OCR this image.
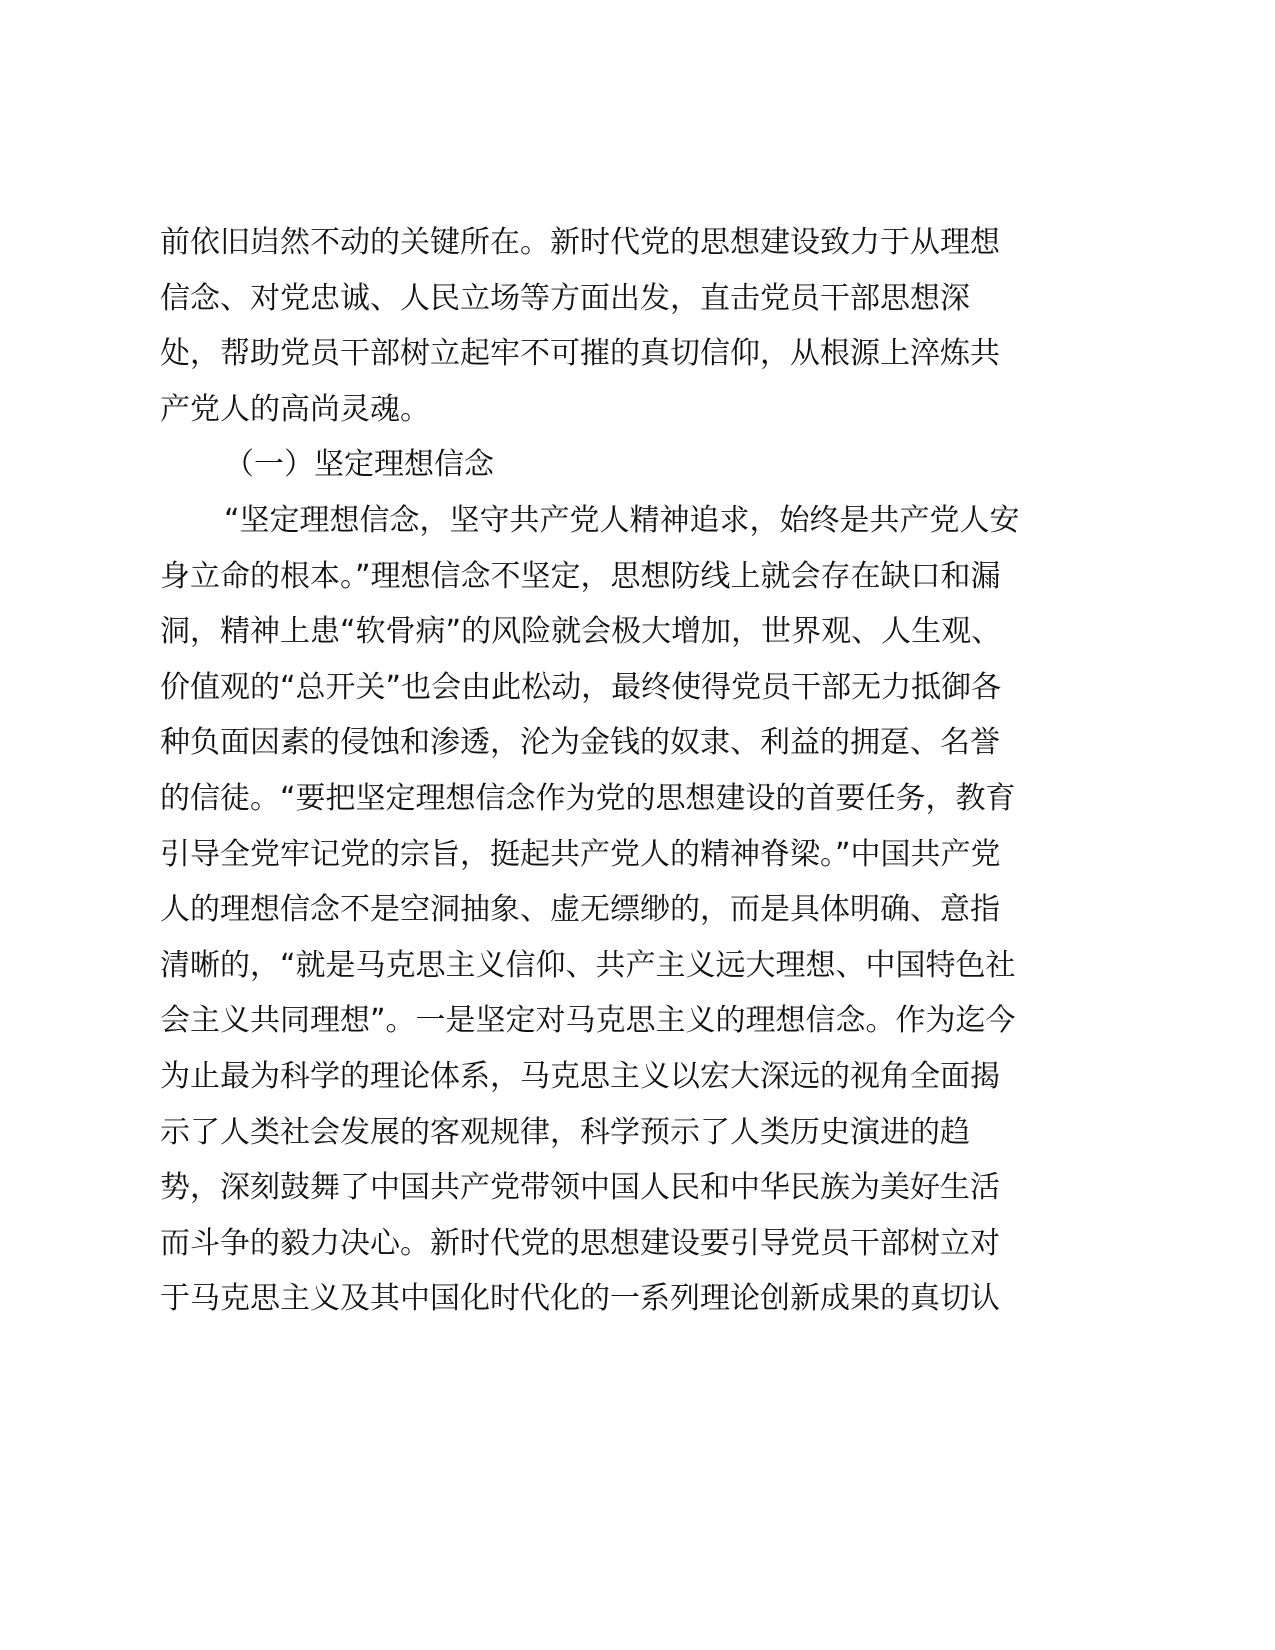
前依旧岿然不动的关键所在。新时代党的思想建设致力于从理想
信念、对党忠诚、人民立场等方面出发，直击党员干部思想深
处，帮助党员干部树立起牢不可摧的真切信仰，从根源上淬炼共
产党人的高尚灵魂。

（一）坚定理想信念

“坚定理想信念，坚守共产党人精神追求，始终是共产党人安
身立命的根本。”理想信念不坚定，思想防线上就会存在缺口和漏
洞，精神上患“软骨病”的风险就会极大增加，世界观、人生观、
价值观的“总开关”也会由此松动，最终使得党员干部无力抵御各
种负面因素的侵蚀和渗透，沦为金钱的奴隶、利益的拥趸、名誉
的信徒。“要把坚定理想信念作为党的思想建设的首要任务，教育
引导全党牢记党的宗旨，挺起共产党人的精神脊梁。”中国共产党
人的理想信念不是空洞抽象、虚无缥缈的，而是具体明确、意指
清晰的，“就是马克思主义信仰、共产主义远大理想、中国特色社
会主义共同理想”。一是坚定对马克思主义的理想信念。作为迄今
为止最为科学的理论体系，马克思主义以宏大深远的视角全面揭
示了人类社会发展的客观规律，科学预示了人类历史演进的趋
势，深刻鼓舞了中国共产党带领中国人民和中华民族为美好生活
而斗争的毅力决心。新时代党的思想建设要引导党员干部树立对
于马克思主义及其中国化时代化的一系列理论创新成果的真切认
